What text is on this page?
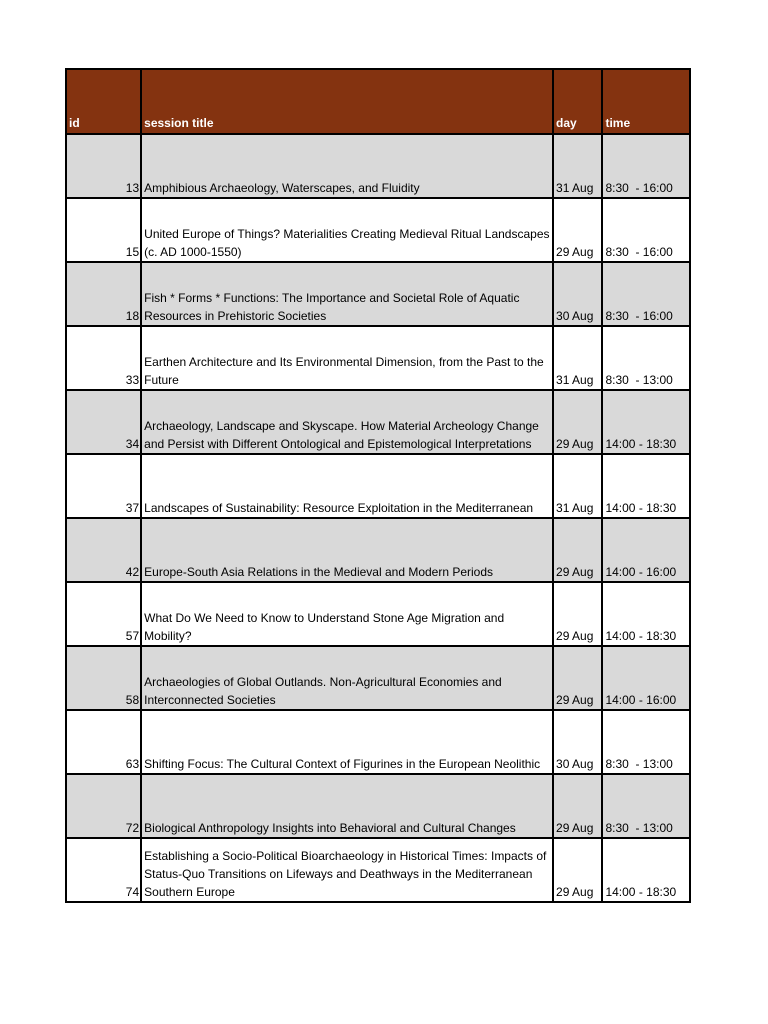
id	session title	day	time
13	Amphibious Archaeology, Waterscapes, and Fluidity	31 Aug	8:30  - 16:00
15	United Europe of Things? Materialities Creating Medieval Ritual Landscapes (c. AD 1000-1550)	29 Aug	8:30  - 16:00
18	Fish * Forms * Functions: The Importance and Societal Role of Aquatic Resources in Prehistoric Societies	30 Aug	8:30  - 16:00
33	Earthen Architecture and Its Environmental Dimension, from the Past to the Future	31 Aug	8:30  - 13:00
34	Archaeology, Landscape and Skyscape. How Material Archeology Change and Persist with Different Ontological and Epistemological Interpretations	29 Aug	14:00 - 18:30
37	Landscapes of Sustainability: Resource Exploitation in the Mediterranean	31 Aug	14:00 - 18:30
42	Europe-South Asia Relations in the Medieval and Modern Periods	29 Aug	14:00 - 16:00
57	What Do We Need to Know to Understand Stone Age Migration and Mobility?	29 Aug	14:00 - 18:30
58	Archaeologies of Global Outlands. Non-Agricultural Economies and Interconnected Societies	29 Aug	14:00 - 16:00
63	Shifting Focus: The Cultural Context of Figurines in the European Neolithic	30 Aug	8:30  - 13:00
72	Biological Anthropology Insights into Behavioral and Cultural Changes	29 Aug	8:30  - 13:00
74	Establishing a Socio-Political Bioarchaeology in Historical Times: Impacts of Status-Quo Transitions on Lifeways and Deathways in the Mediterranean Southern Europe	29 Aug	14:00 - 18:30
